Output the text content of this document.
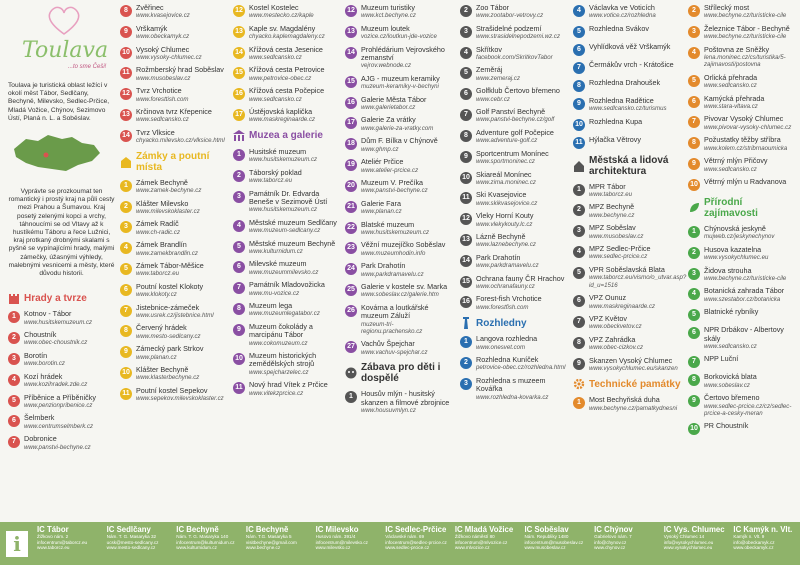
Toulava
...to sme Češi!
Toulava je turistická oblast ležící v okolí měst Tábor, Sedlčany, Bechyně, Milevsko, Sedlec-Prčice, Mladá Vožice, Chýnov, Sezimovo Ústí, Planá n. L. a Soběslav.
Vyprávte se prozkoumat ten romantický i prostý kraj na půli cesty mezi Prahou a Šumavou. Kraj posetý zelenými kopci a vrchy, táhnoucími se od Vltavy až k hustíkému Táboru a řece Lužnici, kraj protkaný drobnými skalami s pyšně se vypínajícími hrady, malými zámečky, úžasnými výhledy, malebnými vesnicemi a městy, které důvodu historii.
Hrady a tvrze
1	Kotnov - Tábor
www.husitskemuzeum.cz
2	Choustník
www.obec-choustnik.cz
3	Borotín
www.borotin.cz
4	Kozí hrádek
www.kozihradek.zde.cz
5	Příběnice a Příběničky
www.penzionpribenice.cz
6	Šelmberk
www.centrumselmberk.cz
7	Dobronice
www.panstvi-bechyne.cz
8	Zvěřinec
www.kvasejovice.cz
9	Vrškamýk
www.obeckamyk.cz
10 Vysoký Chlumec
www.vysoky-chlumec.cz
11 Rožmberský hrad Soběslav
www.musobeslav.cz
12 Tvrz Vrchotice
www.foresttish.com
13 Krčinova tvrz Křepenice
www.sedlcansko.cz
14 Tvrz Vlksice
chyacko.milevsko.cz/vlksice.html
Zámky a poutní místa
1	Zámek Bechyně
www.zamek-bechyne.cz
2	Klášter Milevsko
www.milevskoklaster.cz
3	Zámek Radíč
www.ch-radic.cz
4	Zámek Brandlín
www.zamekbrandlin.cz
5	Zámek Tábor-Měšice
www.taborcz.eu
6	Poutní kostel Klokoty
www.klokoty.cz
7	Jistebnice-zámeček
www.usrek.cz/jistebnice.html
8	Červený hrádek
www.mesto-sedlcany.cz
9	Zámecký park Strkov
www.planan.cz
10 Klášter Bechyně
www.klasterbechyne.cz
11 Poutní kostel Sepekov
www.sepekov.milevskoklaster.cz
12 Kostel Kostelec
www.mestecko.cz/kaple
13 Kaple sv. Magdalény
chyacko.kaplemagdaleny.cz
14 Křížová cesta Jesenice
www.sedlcansko.cz
15 Křížová cesta Petrovice
www.petrovice-obec.cz
16 Křížová cesta Počepice
www.sedlcansko.cz
17 Ústějovská kaplička
www.maskreginaarde.cz
Muzea a galerie
1	Husitské muzeum
www.husitskemuzeum.cz
2	Táborský poklad
www.taborcz.eu
3	Památník Dr. Edvarda Beneše v Sezimově Ústí
www.husitskemuzeum.cz
4	Městské muzeum Sedlčany
www.muzeum-sedlcany.cz
5	Městské muzeum Bechyně
www.kulturnidum.cz
6	Milevské muzeum
www.muzeummilevsko.cz
7	Památník Mladovožicka
www.mu-vozice.cz
8	Muzeum lega
www.muzeumlegatabor.cz
9	Muzeum čokolády a marcipánu Tábor
www.cokomuzeum.cz
10 Muzeum historických zemědělských strojů
www.spejcharzelec.cz
11 Nový hrad Vítek z Prčice
www.vitekzprcice.cz
12 Muzeum turistiky
www.kct.bechyne.cz
13 Muzeum loutek
vozice.cz/loutkun-jde-vozice
14 Prohlédárium Vejrovského zemanství
vejrov.webnode.cz
15 AJG - muzeum keramiky
muzeum-keramiky-v-bechyni
16 Galerie Města Tábor
www.galerietabor.cz
17 Galerie Za vrátky
www.galerie-za-vratky.com
18 Dům F. Bílka v Chýnově
www.ghmp.cz
19 Ateliér Prčice
www.atelier-prcice.cz
20 Muzeum V. Prečíka
www.panstvi-bechyne.cz
21 Galerie Fara
www.planan.cz
22 Blatské muzeum
www.husitskemuzeum.cz
23 Věžní muzejíčko Soběslav
www.muzeumhodin.info
24 Park Drahotín
www.parkdramavelu.cz
25 Galerie v kostele sv. Marka
www.sobeslav.cz/galerie.htm
26 Kovárna a loutkářské muzeum Záluží
muzeum-tri-regionu.prachensko.cz
27 Vachův Špejchar
www.vachuv-spejchar.cz
Zábava pro děti i dospělé
1	Housův mlýn - husitský skanzen a filmové zbrojnice
www.housuvmlyn.cz
2	Zoo Tábor
www.zootabor-vetrovy.cz
3	Strašidelné podzemí
www.strasidelnepodzemi.wz.cz
4	Skřítkov
facebook.com/SkritkovTabor
5	Zeměráj
www.zemeraj.cz
6	Golfklub Čertovo břemeno
www.cebr.cz
7	Golf Panství Bechyně
www.panstvi-bechyne.cz/golf
8	Adventure golf Počepice
www.adventure-golf.cz
9	Sportcentrum Monínec
www.sportmoninec.cz
10 Skiareál Monínec
www.zima.moninec.cz
11 Ski Kvasejovice
www.skikvasejovice.cz
12 Vleky Horní Kouty
www.vlekykouty.lc.cz
13 Lázně Bechyně
www.laznebechyne.cz
14 Park Drahotín
www.parkdramavelu.cz
15 Ochrana fauny ČR Hrachov
www.ochranafauny.cz
16 Forest-fish Vrchotice
www.forestfish.com
Rozhledny
1	Langova rozhledna
www.onesvet.com
2	Rozhledna Kuníček
petrovice-obec.cz/rozhledna.html
3	Rozhledna s muzeem Kovářka
www.rozhledna-kovarka.cz
4	Václavka ve Voticích
www.votice.cz/rozhledna
5	Rozhledna Svákov
6	Vyhlídková věž Vrškamýk
7	Čermákův vrch - Krátošice
8	Rozhledna Drahoušek
9	Rozhledna Radětice
www.sedlcansko.cz/turismus
10 Rozhledna Kupa
11 Hýlačka Větrovy
Městská a lidová architektura
1	MPR Tábor
www.taborcz.eu
2	MPZ Bechyně
www.bechyne.cz
3	MPZ Soběslav
www.musobeslav.cz
4	MPZ Sedlec-Prčice
www.sedlec-prcice.cz
5	VPR Soběslavská Blata
www.taborcz.eu/vismo/o_utvar.asp?id_u=1516
6	VPZ Ounuz
www.maskreginaarde.cz
7	VPZ Květov
www.obeckvetov.cz
8	VPZ Zahrádka
www.obec-cizkov.cz
9	Skanzen Vysoký Chlumec
www.vysokychlumec.eu/skanzen
Technické památky
1	Most Bechyňská duha
www.bechyne.cz/pamatkydnesni
2	Střílecký most
www.bechyne.cz/turisticke-cile
3	Železnice Tábor - Bechyně
www.bechyne.cz/turisticke-cile
4	Poštovna ze Sněžky
lena.moninec.cz/cs/turistika/5-zajimavosti/postovna
5	Orlická přehrada
www.sedlcansko.cz
6	Kamýcká přehrada
www.stara-vltava.cz
7	Pivovar Vysoký Chlumec
www.pivovar-vysoky-chlumec.cz
8	Požustatky těžby stříbra
www.kolem.cz/stribrnaoumicka
9	Větrný mlýn Přičovy
www.sedlcansko.cz
10 Větrný mlýn u Radvanova
Přírodní zajímavosti
1	Chýnovská jeskyně
mujweb.cz/jeskynechynov
2	Husova kazatelna
www.vysokychlumec.eu
3	Židova strouha
www.bechyne.cz/turisticke-cile
4	Botanická zahrada Tábor
www.szestabor.cz/botanicka
5	Blatnické rybníky
6	NPR Drbákov - Albertovy skály
www.sedlcansko.cz
7	NPP Luční
8	Borkovická blata
www.sobeslav.cz
9	Čertovo břemeno
www.sedlec-prcice.cz/cz/sedlec-prcice-a-cesky-meran
10 PR Choustník
i
IC Tábor
Žižkovo nám. 2
infocentrum@taborcz.eu
www.taborcz.eu
IC Sedlčany
Nám. T. G. Masaryka 32
ucsk@mesto-sedlcany.cz
www.mesto-sedlcany.cz
IC Bechyně
Nám. T. G. Masaryka 140
infocentrum@kulturnidum.cz
www.kulturnidum.cz
IC Bechyně
Nám. T.G. Masaryka 5
visitbechyne@gmail.com
www.bechyne.cz
IC Milevsko
Husovo nám. 391/4
infocentrum@milevsko.cz
www.milevsko.cz
IC Sedlec-Prčice
Václavské nám. 69
infocentrum@sedlec-prcice.cz
www.sedlec-prcice.cz
IC Mladá Vožice
Žižkovo náměstí 80
infocentrum@mlvozice.cz
www.mlvozice.cz
IC Soběslav
Nám. Republiky 1480
infocentrum@musobeslav.cz
www.musobeslav.cz
IC Chýnov
Gabrielovo nám. 7
info@chynov.cz
www.chynov.cz
IC Vys. Chlumec
Vysoký Chlumec 14
info@vysokychlumec.eu
www.vysokychlumec.eu
IC Kamýk n. Vlt.
Kamýk n. Vlt. 9
info@obeckamyk.cz
www.obeckamyk.cz
